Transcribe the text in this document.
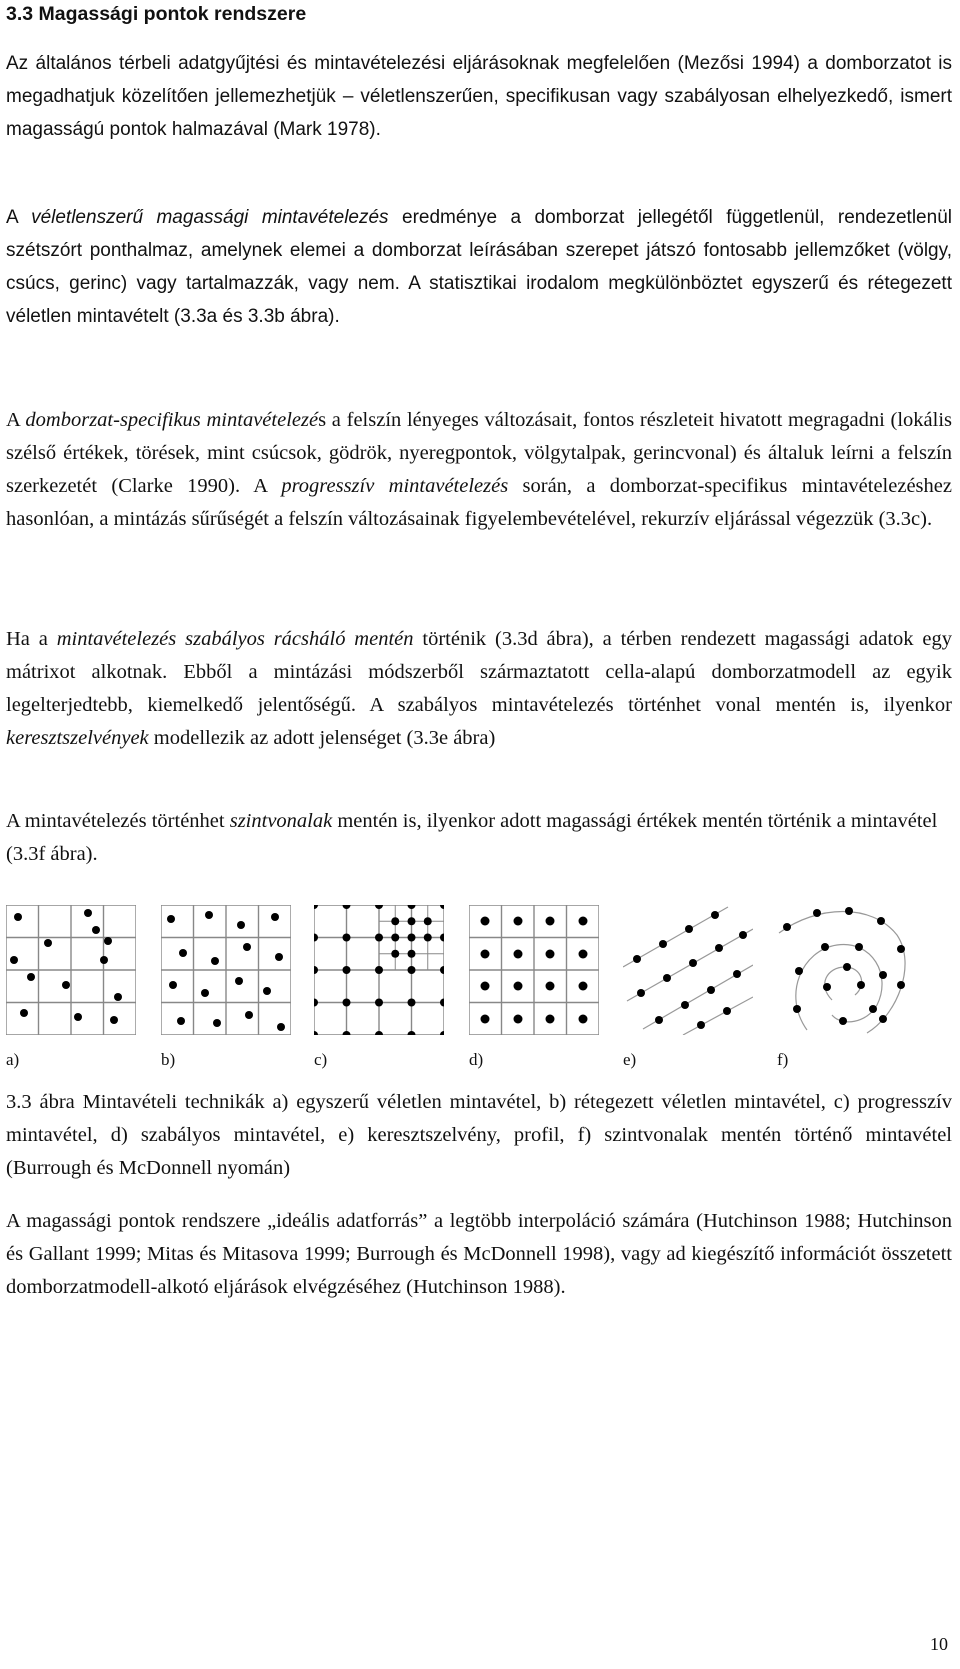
3.3 Magassági pontok rendszere

Az általános térbeli adatgyűjtési és mintavételezési eljárásoknak megfelelően (Mezősi 1994) a domborzatot is megadhatjuk közelítően jellemezhetjük – véletlenszerűen, specifikusan vagy szabályosan elhelyezkedő, ismert magasságú pontok halmazával (Mark 1978).

A véletlenszerű magassági mintavételezés eredménye a domborzat jellegétől függetlenül, rendezetlenül szétszórt ponthalmaz, amelynek elemei a domborzat leírásában szerepet játszó fontosabb jellemzőket (völgy, csúcs, gerinc) vagy tartalmazzák, vagy nem. A statisztikai irodalom megkülönböztet egyszerű és rétegezett véletlen mintavételt (3.3a és 3.3b ábra).

A domborzat-specifikus mintavételezés a felszín lényeges változásait, fontos részleteit hivatott megragadni (lokális szélső értékek, törések, mint csúcsok, gödrök, nyeregpontok, völgytalpak, gerincvonal) és általuk leírni a felszín szerkezetét (Clarke 1990). A progresszív mintavételezés során, a domborzat-specifikus mintavételezéshez hasonlóan, a mintázás sűrűségét a felszín változásainak figyelembevételével, rekurzív eljárással végezzük (3.3c).

Ha a mintavételezés szabályos rácsháló mentén történik (3.3d ábra), a térben rendezett magassági adatok egy mátrixot alkotnak. Ebből a mintázási módszerből származtatott cella-alapú domborzatmodell az egyik legelterjedtebb, kiemelkedő jelentőségű. A szabályos mintavételezés történhet vonal mentén is, ilyenkor keresztszelvények modellezik az adott jelenséget (3.3e ábra)

A mintavételezés történhet szintvonalak mentén is, ilyenkor adott magassági értékek mentén történik a mintavétel (3.3f ábra).

a)	b)	c)	d)	e)	f)

3.3 ábra Mintavételi technikák a) egyszerű véletlen mintavétel, b) rétegezett véletlen mintavétel, c) progresszív mintavétel, d) szabályos mintavétel, e) keresztszelvény, profil, f) szintvonalak mentén történő mintavétel (Burrough és McDonnell nyomán)

A magassági pontok rendszere „ideális adatforrás” a legtöbb interpoláció számára (Hutchinson 1988; Hutchinson és Gallant 1999; Mitas és Mitasova 1999; Burrough és McDonnell 1998), vagy ad kiegészítő információt összetett domborzatmodell-alkotó eljárások elvégzéséhez (Hutchinson 1988).

10
